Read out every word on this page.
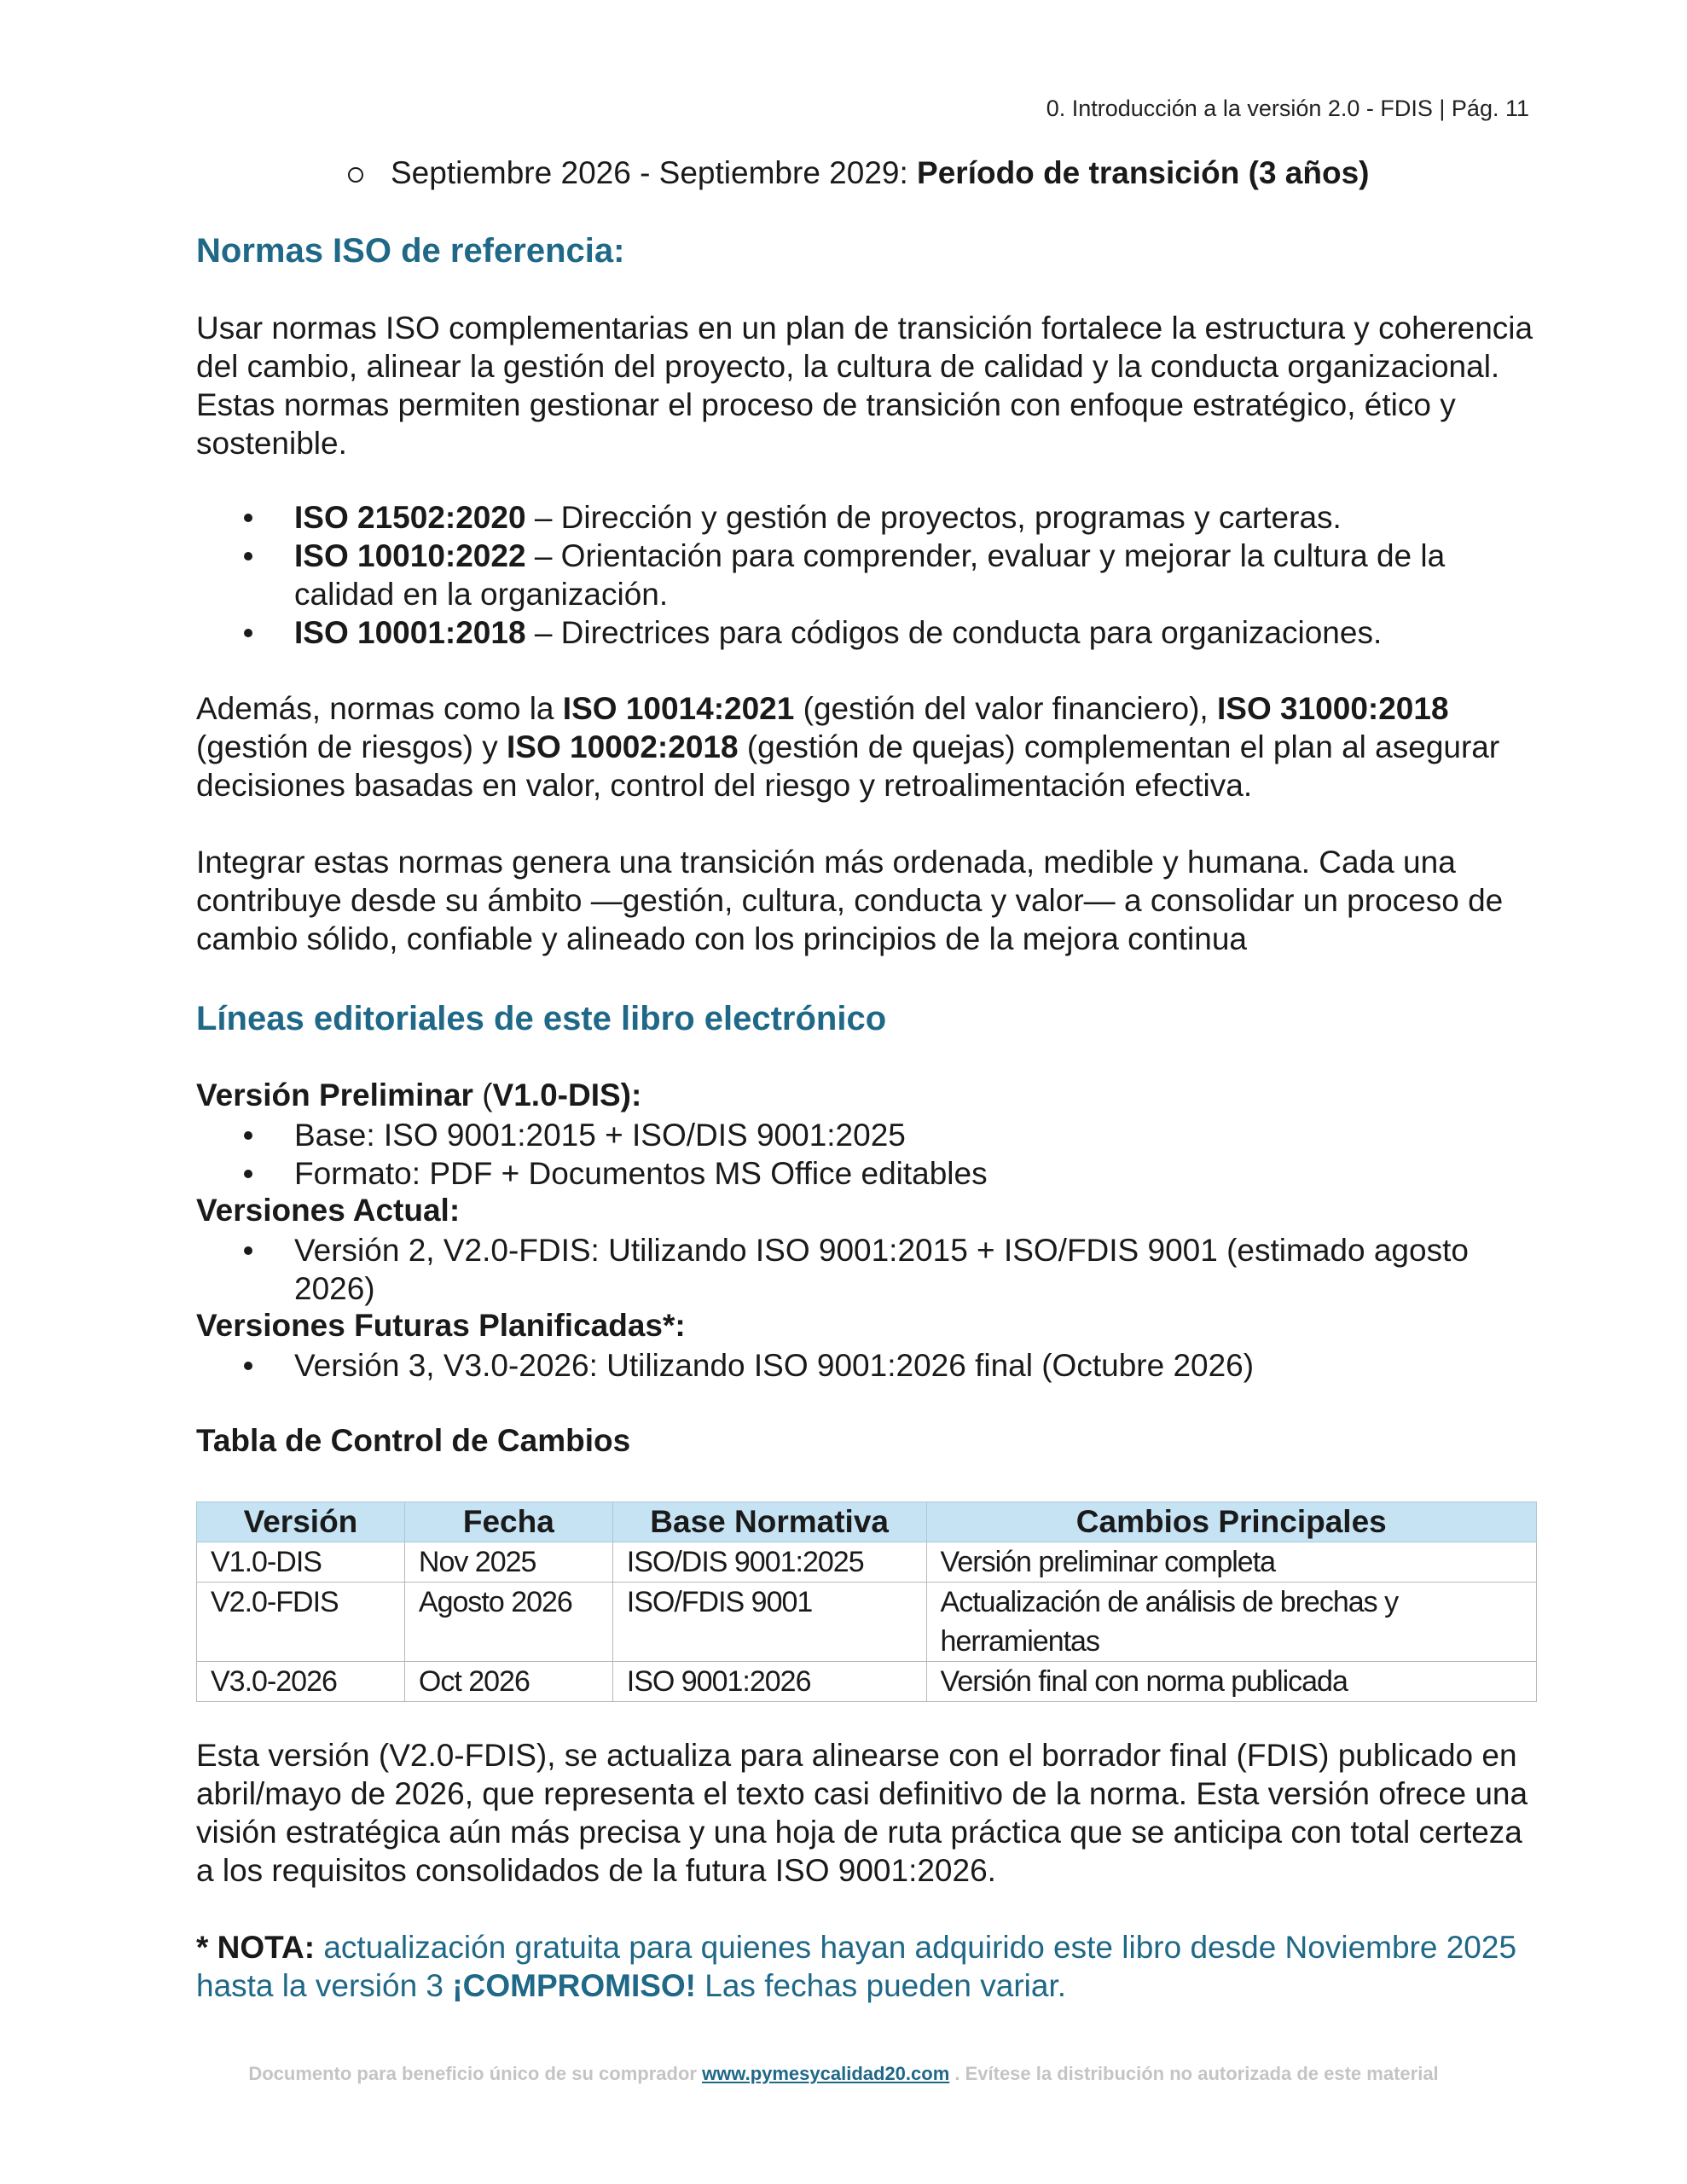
0. Introducción a la versión 2.0 - FDIS | Pág. 11
Septiembre 2026 - Septiembre 2029: Período de transición (3 años)
Normas ISO de referencia:
Usar normas ISO complementarias en un plan de transición fortalece la estructura y coherencia del cambio, alinear la gestión del proyecto, la cultura de calidad y la conducta organizacional. Estas normas permiten gestionar el proceso de transición con enfoque estratégico, ético y sostenible.
ISO 21502:2020 – Dirección y gestión de proyectos, programas y carteras.
ISO 10010:2022 – Orientación para comprender, evaluar y mejorar la cultura de la calidad en la organización.
ISO 10001:2018 – Directrices para códigos de conducta para organizaciones.
Además, normas como la ISO 10014:2021 (gestión del valor financiero), ISO 31000:2018 (gestión de riesgos) y ISO 10002:2018 (gestión de quejas) complementan el plan al asegurar decisiones basadas en valor, control del riesgo y retroalimentación efectiva.
Integrar estas normas genera una transición más ordenada, medible y humana. Cada una contribuye desde su ámbito —gestión, cultura, conducta y valor— a consolidar un proceso de cambio sólido, confiable y alineado con los principios de la mejora continua
Líneas editoriales de este libro electrónico
Versión Preliminar (V1.0-DIS):
Base: ISO 9001:2015 + ISO/DIS 9001:2025
Formato: PDF + Documentos MS Office editables
Versiones Actual:
Versión 2, V2.0-FDIS: Utilizando ISO 9001:2015 + ISO/FDIS 9001 (estimado agosto 2026)
Versiones Futuras Planificadas*:
Versión 3, V3.0-2026: Utilizando ISO 9001:2026 final (Octubre 2026)
Tabla de Control de Cambios
Versión	Fecha	Base Normativa	Cambios Principales
V1.0-DIS	Nov 2025	ISO/DIS 9001:2025	Versión preliminar completa
V2.0-FDIS	Agosto 2026	ISO/FDIS 9001	Actualización de análisis de brechas y herramientas
V3.0-2026	Oct 2026	ISO 9001:2026	Versión final con norma publicada
Esta versión (V2.0-FDIS), se actualiza para alinearse con el borrador final (FDIS) publicado en abril/mayo de 2026, que representa el texto casi definitivo de la norma. Esta versión ofrece una visión estratégica aún más precisa y una hoja de ruta práctica que se anticipa con total certeza a los requisitos consolidados de la futura ISO 9001:2026.
* NOTA: actualización gratuita para quienes hayan adquirido este libro desde Noviembre 2025 hasta la versión 3 ¡COMPROMISO! Las fechas pueden variar.
Documento para beneficio único de su comprador www.pymesycalidad20.com . Evítese la distribución no autorizada de este material
